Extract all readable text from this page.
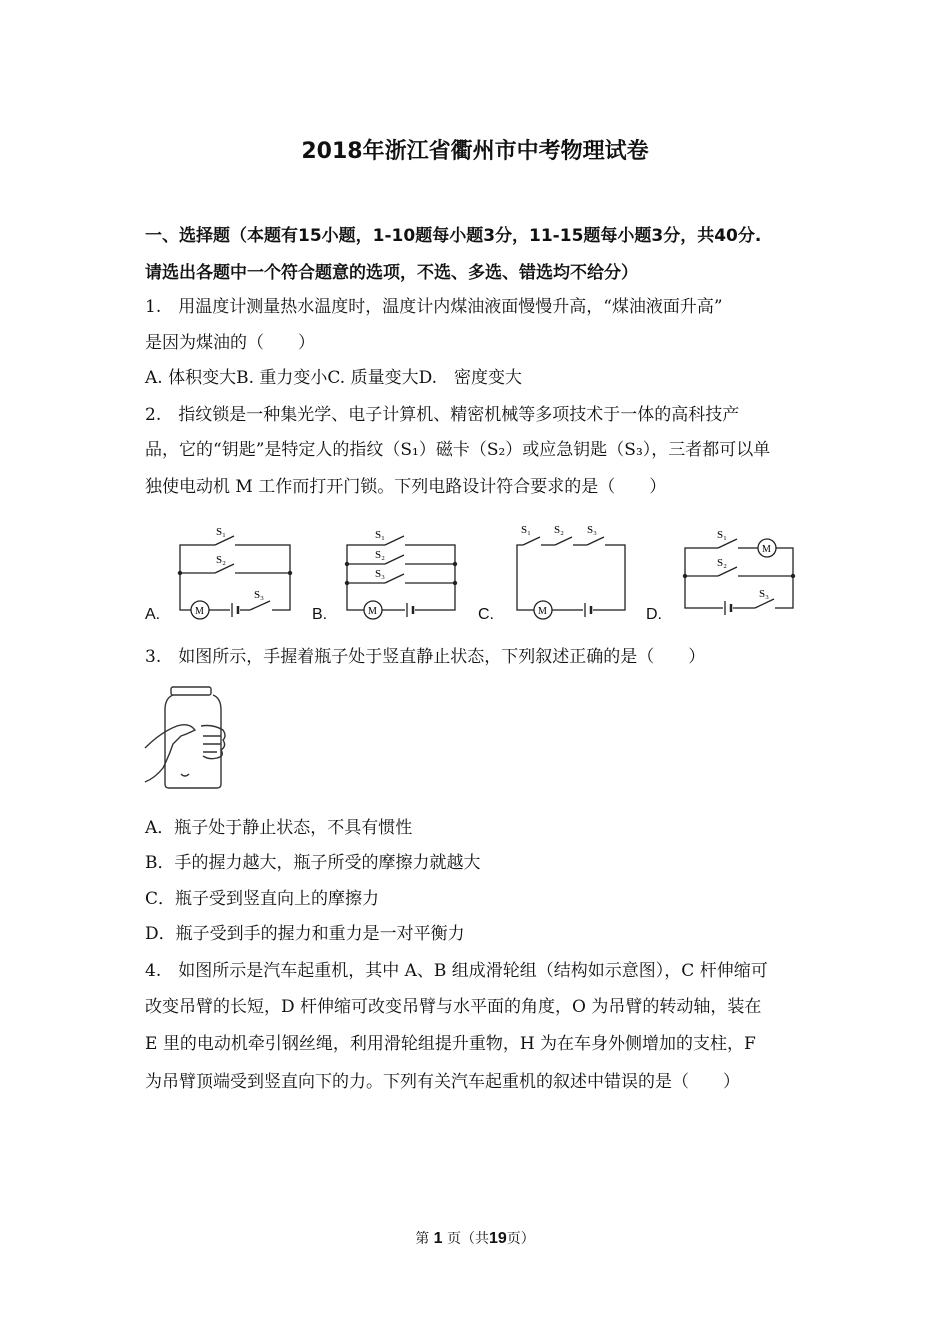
2018年浙江省衢州市中考物理试卷
一、选择题（本题有15小题，1-10题每小题3分，11-15题每小题3分，共40分.
请选出各题中一个符合题意的选项，不选、多选、错选均不给分）
1.　用温度计测量热水温度时，温度计内煤油液面慢慢升高，“煤油液面升高”
是因为煤油的（　　）
A. 体积变大B. 重力变小C. 质量变大D.　密度变大
2.　指纹锁是一种集光学、电子计算机、精密机械等多项技术于一体的高科技产
品，它的“钥匙”是特定人的指纹（S₁）磁卡（S₂）或应急钥匙（S₃），三者都可以单
独使电动机 M 工作而打开门锁。下列电路设计符合要求的是（　　）
A.	B.	C.	D.
S₁
S₂
S₃
M
S₁
S₂
S₃
M
S₁ S₂ S₃
M
S₁
S₂
S₃
M
3.　如图所示，手握着瓶子处于竖直静止状态，下列叙述正确的是（　　）
A．瓶子处于静止状态，不具有惯性
B．手的握力越大，瓶子所受的摩擦力就越大
C．瓶子受到竖直向上的摩擦力
D．瓶子受到手的握力和重力是一对平衡力
4.　如图所示是汽车起重机，其中 A、B 组成滑轮组（结构如示意图），C 杆伸缩可
改变吊臂的长短，D 杆伸缩可改变吊臂与水平面的角度，O 为吊臂的转动轴，装在
E 里的电动机牵引钢丝绳，利用滑轮组提升重物，H 为在车身外侧增加的支柱，F
为吊臂顶端受到竖直向下的力。下列有关汽车起重机的叙述中错误的是（　　）
第 1 页（共19页）
